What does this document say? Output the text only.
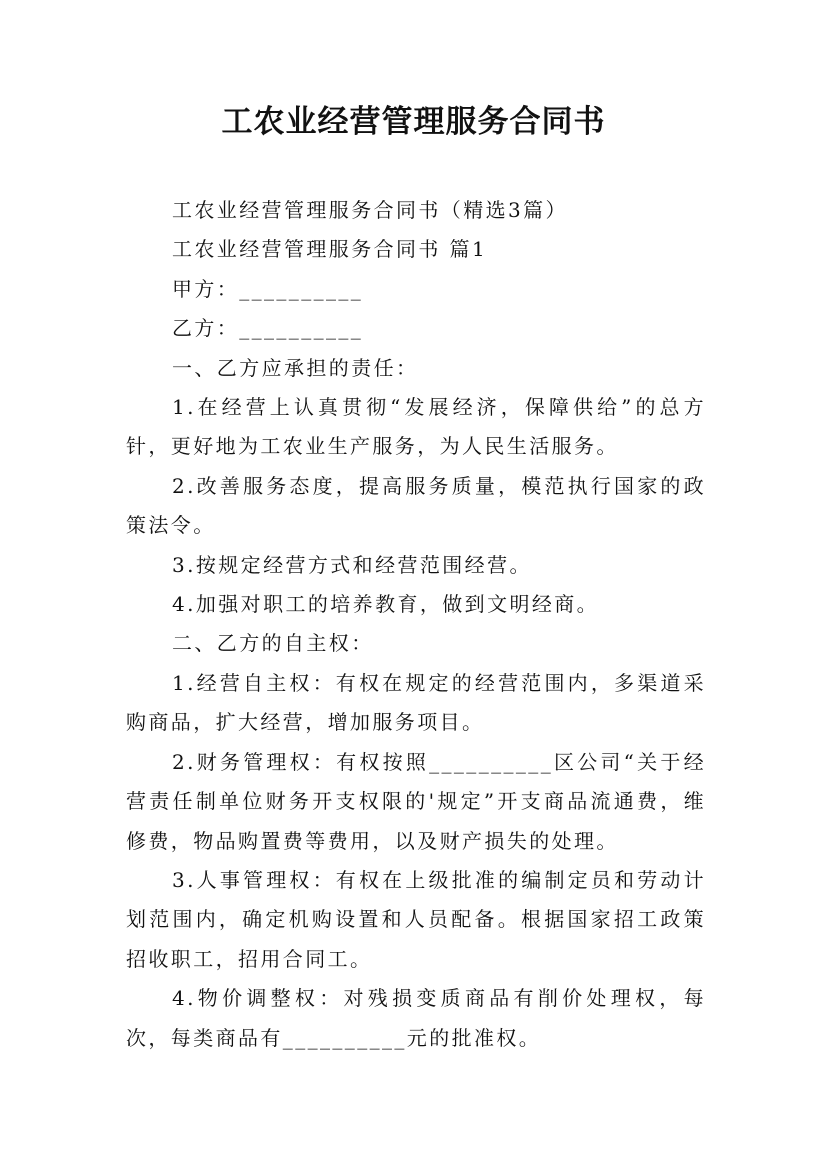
工农业经营管理服务合同书

工农业经营管理服务合同书（精选3篇）

工农业经营管理服务合同书 篇1

甲方：__________

乙方：__________

一、乙方应承担的责任：

1.在经营上认真贯彻“发展经济，保障供给”的总方针，更好地为工农业生产服务，为人民生活服务。

2.改善服务态度，提高服务质量，模范执行国家的政策法令。

3.按规定经营方式和经营范围经营。

4.加强对职工的培养教育，做到文明经商。

二、乙方的自主权：

1.经营自主权：有权在规定的经营范围内，多渠道采购商品，扩大经营，增加服务项目。

2.财务管理权：有权按照__________区公司“关于经营责任制单位财务开支权限的'规定”开支商品流通费，维修费，物品购置费等费用，以及财产损失的处理。

3.人事管理权：有权在上级批准的编制定员和劳动计划范围内，确定机购设置和人员配备。根据国家招工政策招收职工，招用合同工。

4.物价调整权：对残损变质商品有削价处理权，每次，每类商品有__________元的批准权。
